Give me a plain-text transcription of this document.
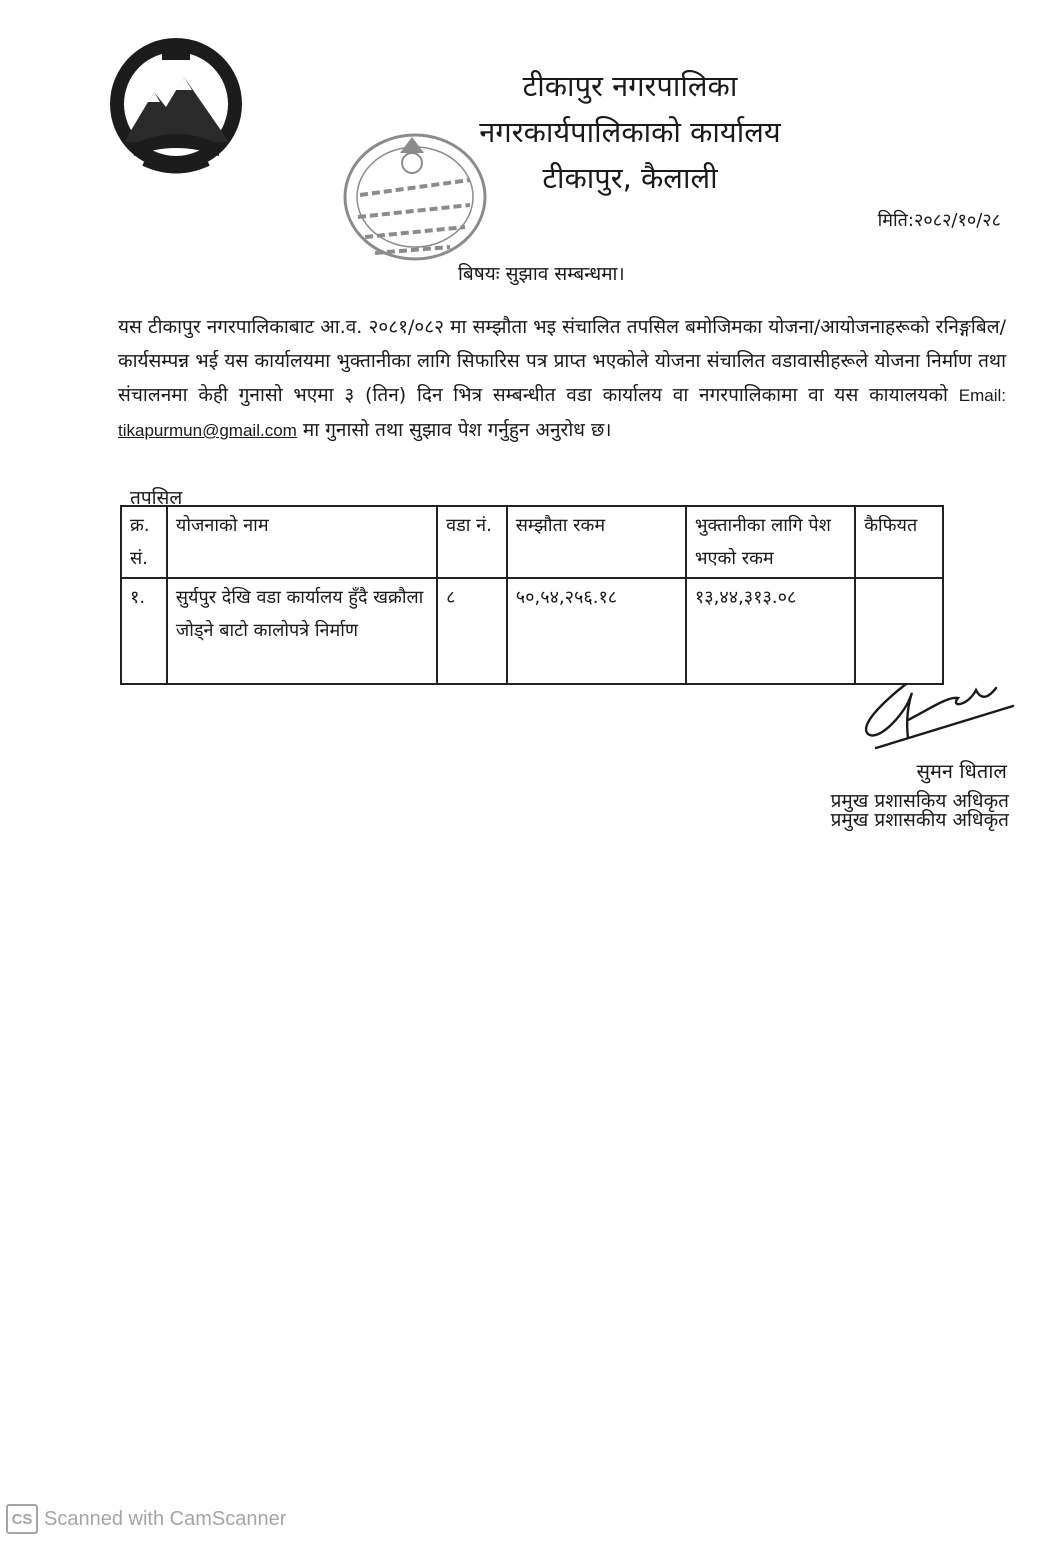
टीकापुर नगरपालिका
नगरकार्यपालिकाको कार्यालय
टीकापुर, कैलाली
मिति:२०८२/१०/२८
बिषयः सुझाव सम्बन्धमा।
यस टीकापुर नगरपालिकाबाट आ.व. २०८१/०८२ मा सम्झौता भइ संचालित तपसिल बमोजिमका योजना/आयोजनाहरूको रनिङ्गबिल/कार्यसम्पन्न भई यस कार्यालयमा भुक्तानीका लागि सिफारिस पत्र प्राप्त भएकोले योजना संचालित वडावासीहरूले योजना निर्माण तथा संचालनमा केही गुनासो भएमा ३ (तिन) दिन भित्र सम्बन्धीत वडा कार्यालय वा नगरपालिकामा वा यस कायालयको Email: tikapurmun@gmail.com मा गुनासो तथा सुझाव पेश गर्नुहुन अनुरोध छ।
तपसिल
क्र. सं.	योजनाको नाम	वडा नं.	सम्झौता रकम	भुक्तानीका लागि पेश भएको रकम	कैफियत
१.	सुर्यपुर देखि वडा कार्यालय हुँदै खक्रौला जोड्ने बाटो कालोपत्रे निर्माण	८	५०,५४,२५६.१८	१३,४४,३१३.०८	
सुमन धिताल
प्रमुख प्रशासकिय अधिकृत
प्रमुख प्रशासकीय अधिकृत
CS Scanned with CamScanner
